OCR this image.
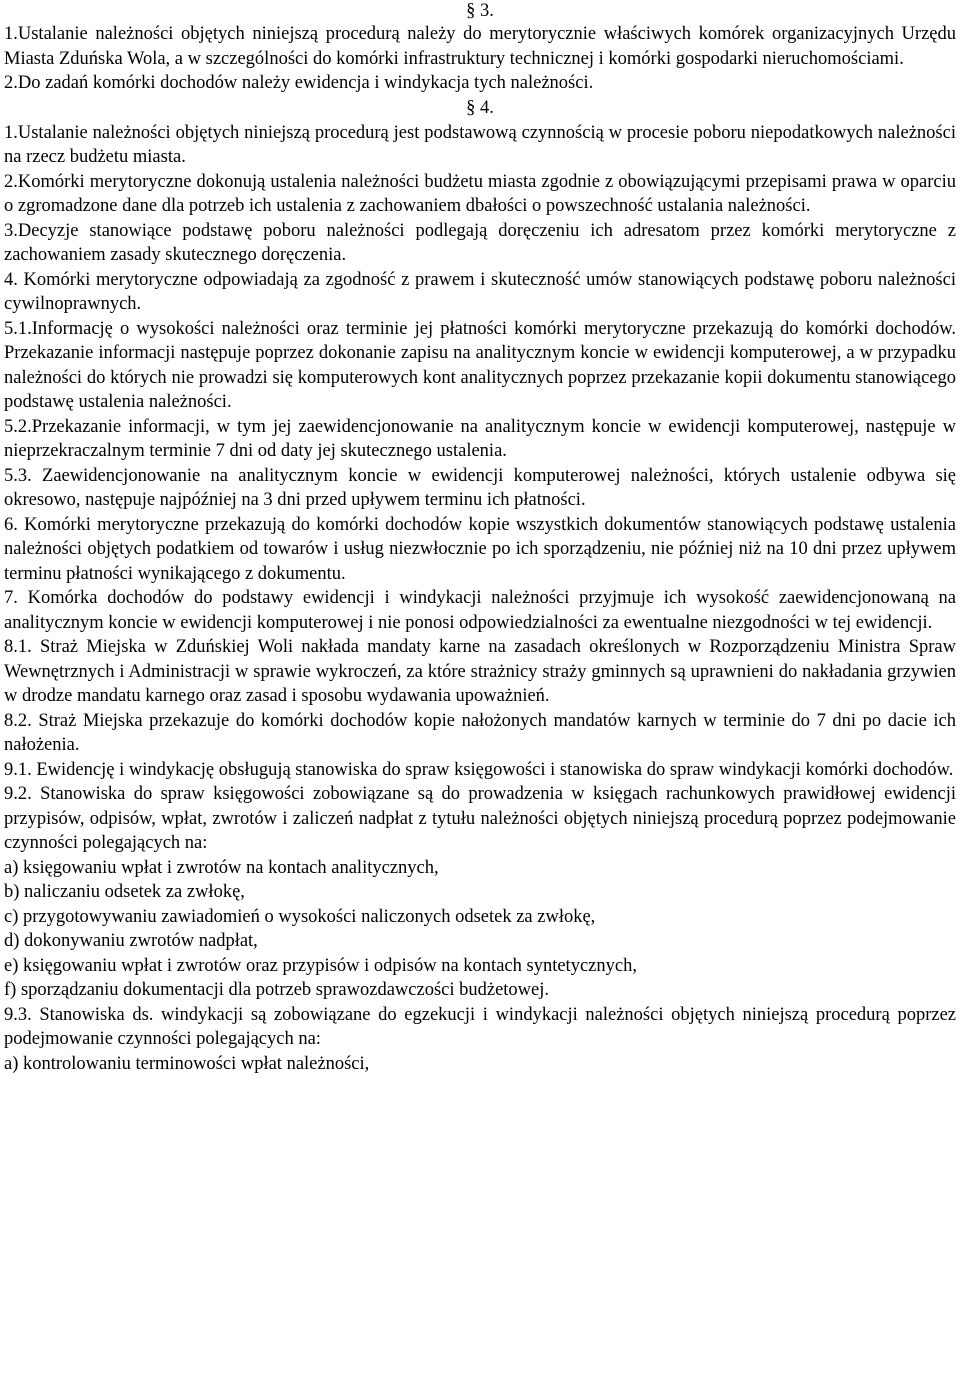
§ 3.

1.Ustalanie należności objętych niniejszą procedurą należy do merytorycznie właściwych komórek organizacyjnych Urzędu Miasta Zduńska Wola, a w szczególności do komórki infrastruktury technicznej i komórki gospodarki nieruchomościami.

2.Do zadań komórki dochodów należy ewidencja i windykacja tych należności.

§ 4.

1.Ustalanie należności objętych niniejszą procedurą jest podstawową czynnością w procesie poboru niepodatkowych należności na rzecz budżetu miasta.

2.Komórki merytoryczne dokonują ustalenia należności budżetu miasta zgodnie z obowiązującymi przepisami prawa w oparciu o zgromadzone dane dla potrzeb ich ustalenia z zachowaniem dbałości o powszechność ustalania należności.

3.Decyzje stanowiące podstawę poboru należności podlegają doręczeniu ich adresatom przez komórki merytoryczne z zachowaniem zasady skutecznego doręczenia.

4. Komórki merytoryczne odpowiadają za zgodność z prawem i skuteczność umów stanowiących podstawę poboru należności cywilnoprawnych.

5.1.Informację o wysokości należności oraz terminie jej płatności komórki merytoryczne przekazują do komórki dochodów. Przekazanie informacji następuje poprzez dokonanie zapisu na analitycznym koncie w ewidencji komputerowej, a w przypadku należności do których nie prowadzi się komputerowych kont analitycznych poprzez przekazanie kopii dokumentu stanowiącego podstawę ustalenia należności.

5.2.Przekazanie informacji, w tym jej zaewidencjonowanie na analitycznym koncie w ewidencji komputerowej, następuje w nieprzekraczalnym terminie 7 dni od daty jej skutecznego ustalenia.

5.3. Zaewidencjonowanie na analitycznym koncie w ewidencji komputerowej należności, których ustalenie odbywa się okresowo, następuje najpóźniej na 3 dni przed upływem terminu ich płatności.

6. Komórki merytoryczne przekazują do komórki dochodów kopie wszystkich dokumentów stanowiących podstawę ustalenia należności objętych podatkiem od towarów i usług niezwłocznie po ich sporządzeniu, nie później niż na 10 dni przez upływem terminu płatności wynikającego z dokumentu.

7. Komórka dochodów do podstawy ewidencji i windykacji należności przyjmuje ich wysokość zaewidencjonowaną na analitycznym koncie w ewidencji komputerowej i nie ponosi odpowiedzialności za ewentualne niezgodności w tej ewidencji.

8.1. Straż Miejska w Zduńskiej Woli nakłada mandaty karne na zasadach określonych w Rozporządzeniu Ministra Spraw Wewnętrznych i Administracji w sprawie wykroczeń, za które strażnicy straży gminnych są uprawnieni do nakładania grzywien w drodze mandatu karnego oraz zasad i sposobu wydawania upoważnień.

8.2. Straż Miejska przekazuje do komórki dochodów kopie nałożonych mandatów karnych w terminie do 7 dni po dacie ich nałożenia.

9.1. Ewidencję i windykację obsługują stanowiska do spraw księgowości i stanowiska do spraw windykacji komórki dochodów.

9.2. Stanowiska do spraw księgowości zobowiązane są do prowadzenia w księgach rachunkowych prawidłowej ewidencji przypisów, odpisów, wpłat, zwrotów i zaliczeń nadpłat z tytułu należności objętych niniejszą procedurą poprzez podejmowanie czynności polegających na:

a) księgowaniu wpłat i zwrotów na kontach analitycznych,

b) naliczaniu odsetek za zwłokę,

c) przygotowywaniu zawiadomień o wysokości naliczonych odsetek za zwłokę,

d) dokonywaniu zwrotów nadpłat,

e) księgowaniu wpłat i zwrotów oraz przypisów i odpisów na kontach syntetycznych,

f) sporządzaniu dokumentacji dla potrzeb sprawozdawczości budżetowej.

9.3. Stanowiska ds. windykacji są zobowiązane do egzekucji i windykacji należności objętych niniejszą procedurą poprzez podejmowanie czynności polegających na:

a) kontrolowaniu terminowości wpłat należności,
